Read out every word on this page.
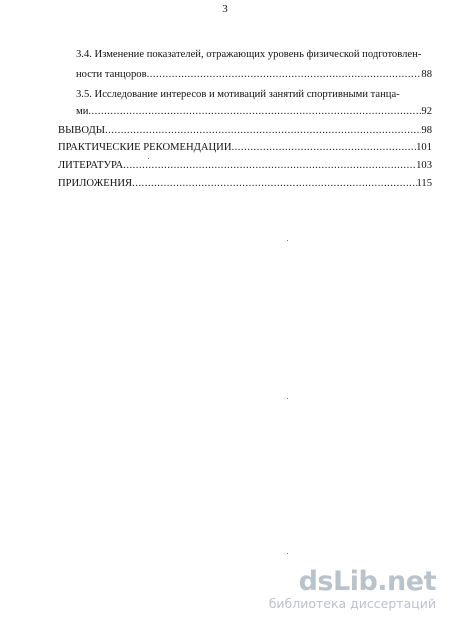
3
3.4. Изменение показателей, отражающих уровень физической подготовлен-
ности танцоров .....	88
3.5. Исследование интересов и мотиваций занятий спортивными танца-
ми .....	92
ВЫВОДЫ .....	98
ПРАКТИЧЕСКИЕ РЕКОМЕНДАЦИИ .....	101
ЛИТЕРАТУРА .....	103
ПРИЛОЖЕНИЯ .....	115
dsLib.net
библиотека диссертаций
